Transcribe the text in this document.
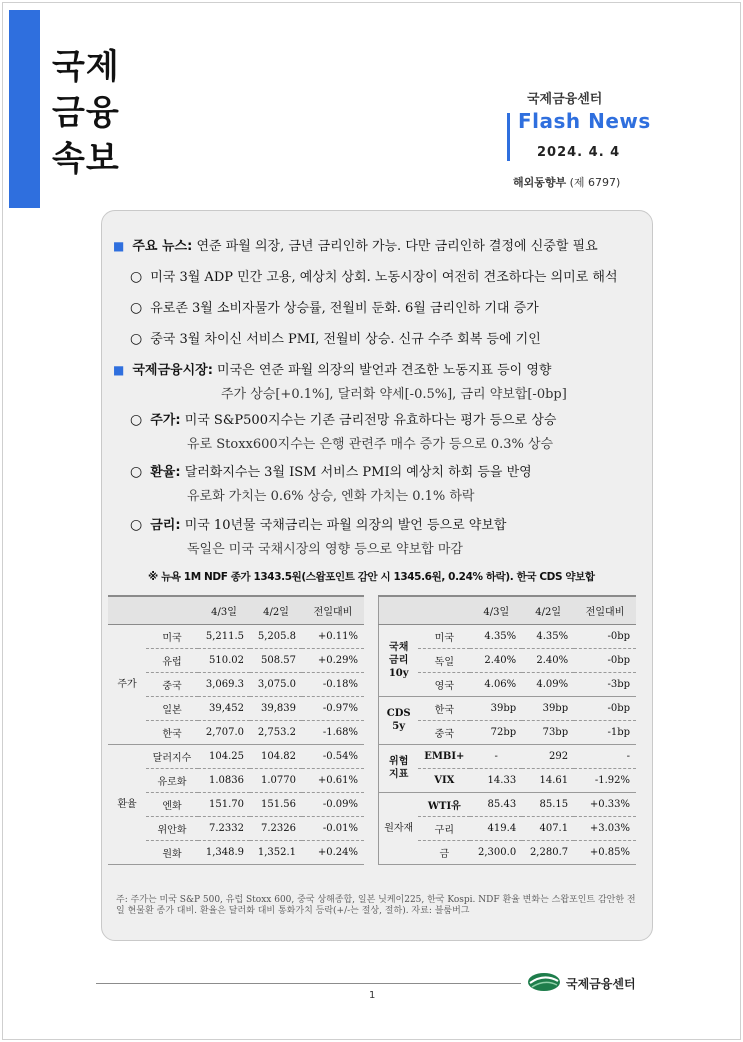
국제
금융
속보
국제금융센터
Flash News
2024. 4. 4
해외동향부 (제 6797)
■ 주요 뉴스: 연준 파월 의장, 금년 금리인하 가능. 다만 금리인하 결정에 신중할 필요
○ 미국 3월 ADP 민간 고용, 예상치 상회. 노동시장이 여전히 견조하다는 의미로 해석
○ 유로존 3월 소비자물가 상승률, 전월비 둔화. 6월 금리인하 기대 증가
○ 중국 3월 차이신 서비스 PMI, 전월비 상승. 신규 수주 회복 등에 기인
■ 국제금융시장: 미국은 연준 파월 의장의 발언과 견조한 노동지표 등이 영향
주가 상승[+0.1%], 달러화 약세[-0.5%], 금리 약보합[-0bp]
○ 주가: 미국 S&P500지수는 기존 금리전망 유효하다는 평가 등으로 상승
유로 Stoxx600지수는 은행 관련주 매수 증가 등으로 0.3% 상승
○ 환율: 달러화지수는 3월 ISM 서비스 PMI의 예상치 하회 등을 반영
유로화 가치는 0.6% 상승, 엔화 가치는 0.1% 하락
○ 금리: 미국 10년물 국채금리는 파월 의장의 발언 등으로 약보합
독일은 미국 국채시장의 영향 등으로 약보합 마감
※ 뉴욕 1M NDF 종가 1343.5원(스왑포인트 감안 시 1345.6원, 0.24% 하락). 한국 CDS 약보합
		4/3일	4/2일	전일대비
주가	미국	5,211.5	5,205.8	+0.11%
	유럽	510.02	508.57	+0.29%
	중국	3,069.3	3,075.0	-0.18%
	일본	39,452	39,839	-0.97%
	한국	2,707.0	2,753.2	-1.68%
환율	달러지수	104.25	104.82	-0.54%
	유로화	1.0836	1.0770	+0.61%
	엔화	151.70	151.56	-0.09%
	위안화	7.2332	7.2326	-0.01%
	원화	1,348.9	1,352.1	+0.24%
		4/3일	4/2일	전일대비

국채
금리
10y	미국	4.35%	4.35%	-0bp
	독일	2.40%	2.40%	-0bp
	영국	4.06%	4.09%	-3bp

CDS
5y	한국	39bp	39bp	-0bp
	중국	72bp	73bp	-1bp

위험
지표	EMBI+	-	292	-
	VIX	14.33	14.61	-1.92%

원자재	WTI유	85.43	85.15	+0.33%
	구리	419.4	407.1	+3.03%
	금	2,300.0	2,280.7	+0.85%
주: 주가는 미국 S&P 500, 유럽 Stoxx 600, 중국 상해종합, 일본 닛케이225, 한국 Kospi. NDF 환율 변화는 스왑포인트 감안한 전일 현물환 종가 대비. 환율은 달러화 대비 통화가치 등락(+/-는 절상, 절하). 자료: 블룸버그
1
국제금융센터
